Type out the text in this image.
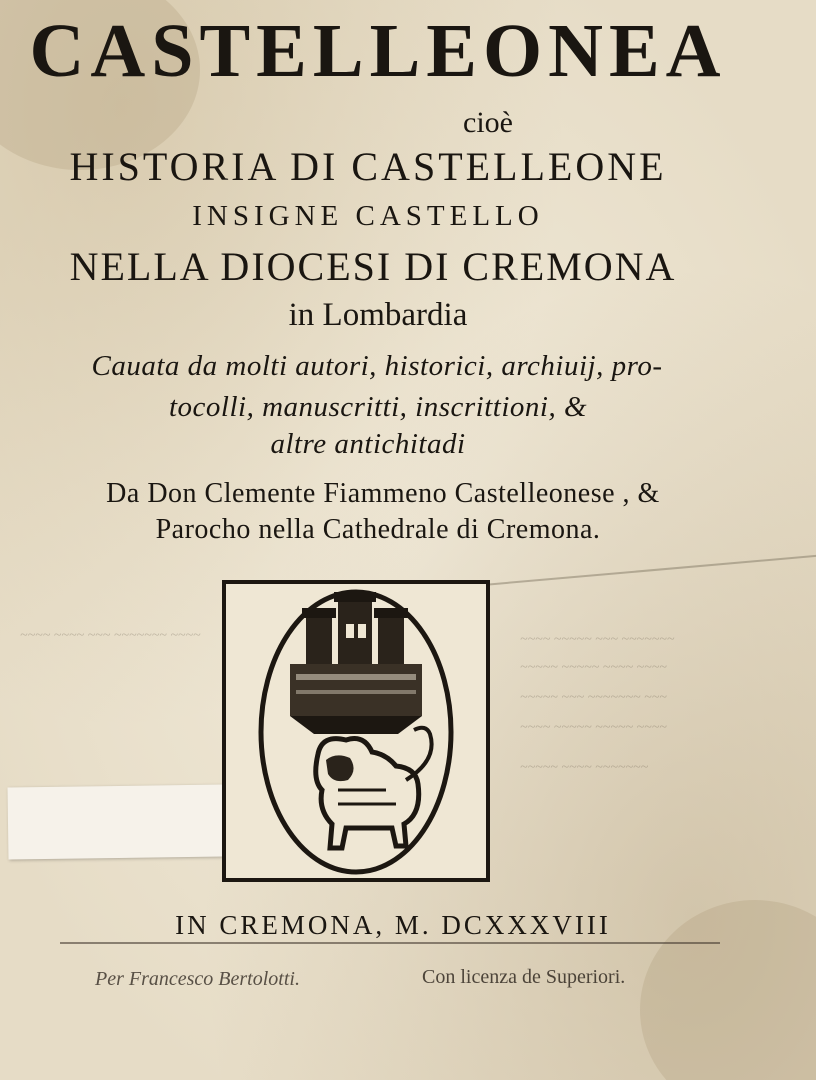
CASTELLEONEA
cioè
HISTORIA DI CASTELLEONE
INSIGNE CASTELLO
NELLA DIOCESI DI CREMONA
in Lombardia
Cauata da molti autori, historici, archiuij, pro-
tocolli, manuscritti, inscrittioni, &
altre antichitadi
Da Don Clemente Fiammeno Castelleonese , &
Parocho nella Cathedrale di Cremona.
~~~~ ~~~~ ~~~ ~~~~~~~ ~~~~	~~~~ ~~~~~ ~~~ ~~~~~~~
~~~~~ ~~~~~ ~~~~ ~~~~
~~~~~ ~~~ ~~~~~~~ ~~~
~~~~ ~~~~~ ~~~~~ ~~~~
~~~~~ ~~~~ ~~~~~~~
IN CREMONA, M. DCXXXVIII
Per Francesco Bertolotti.	Con licenza de Superiori.
